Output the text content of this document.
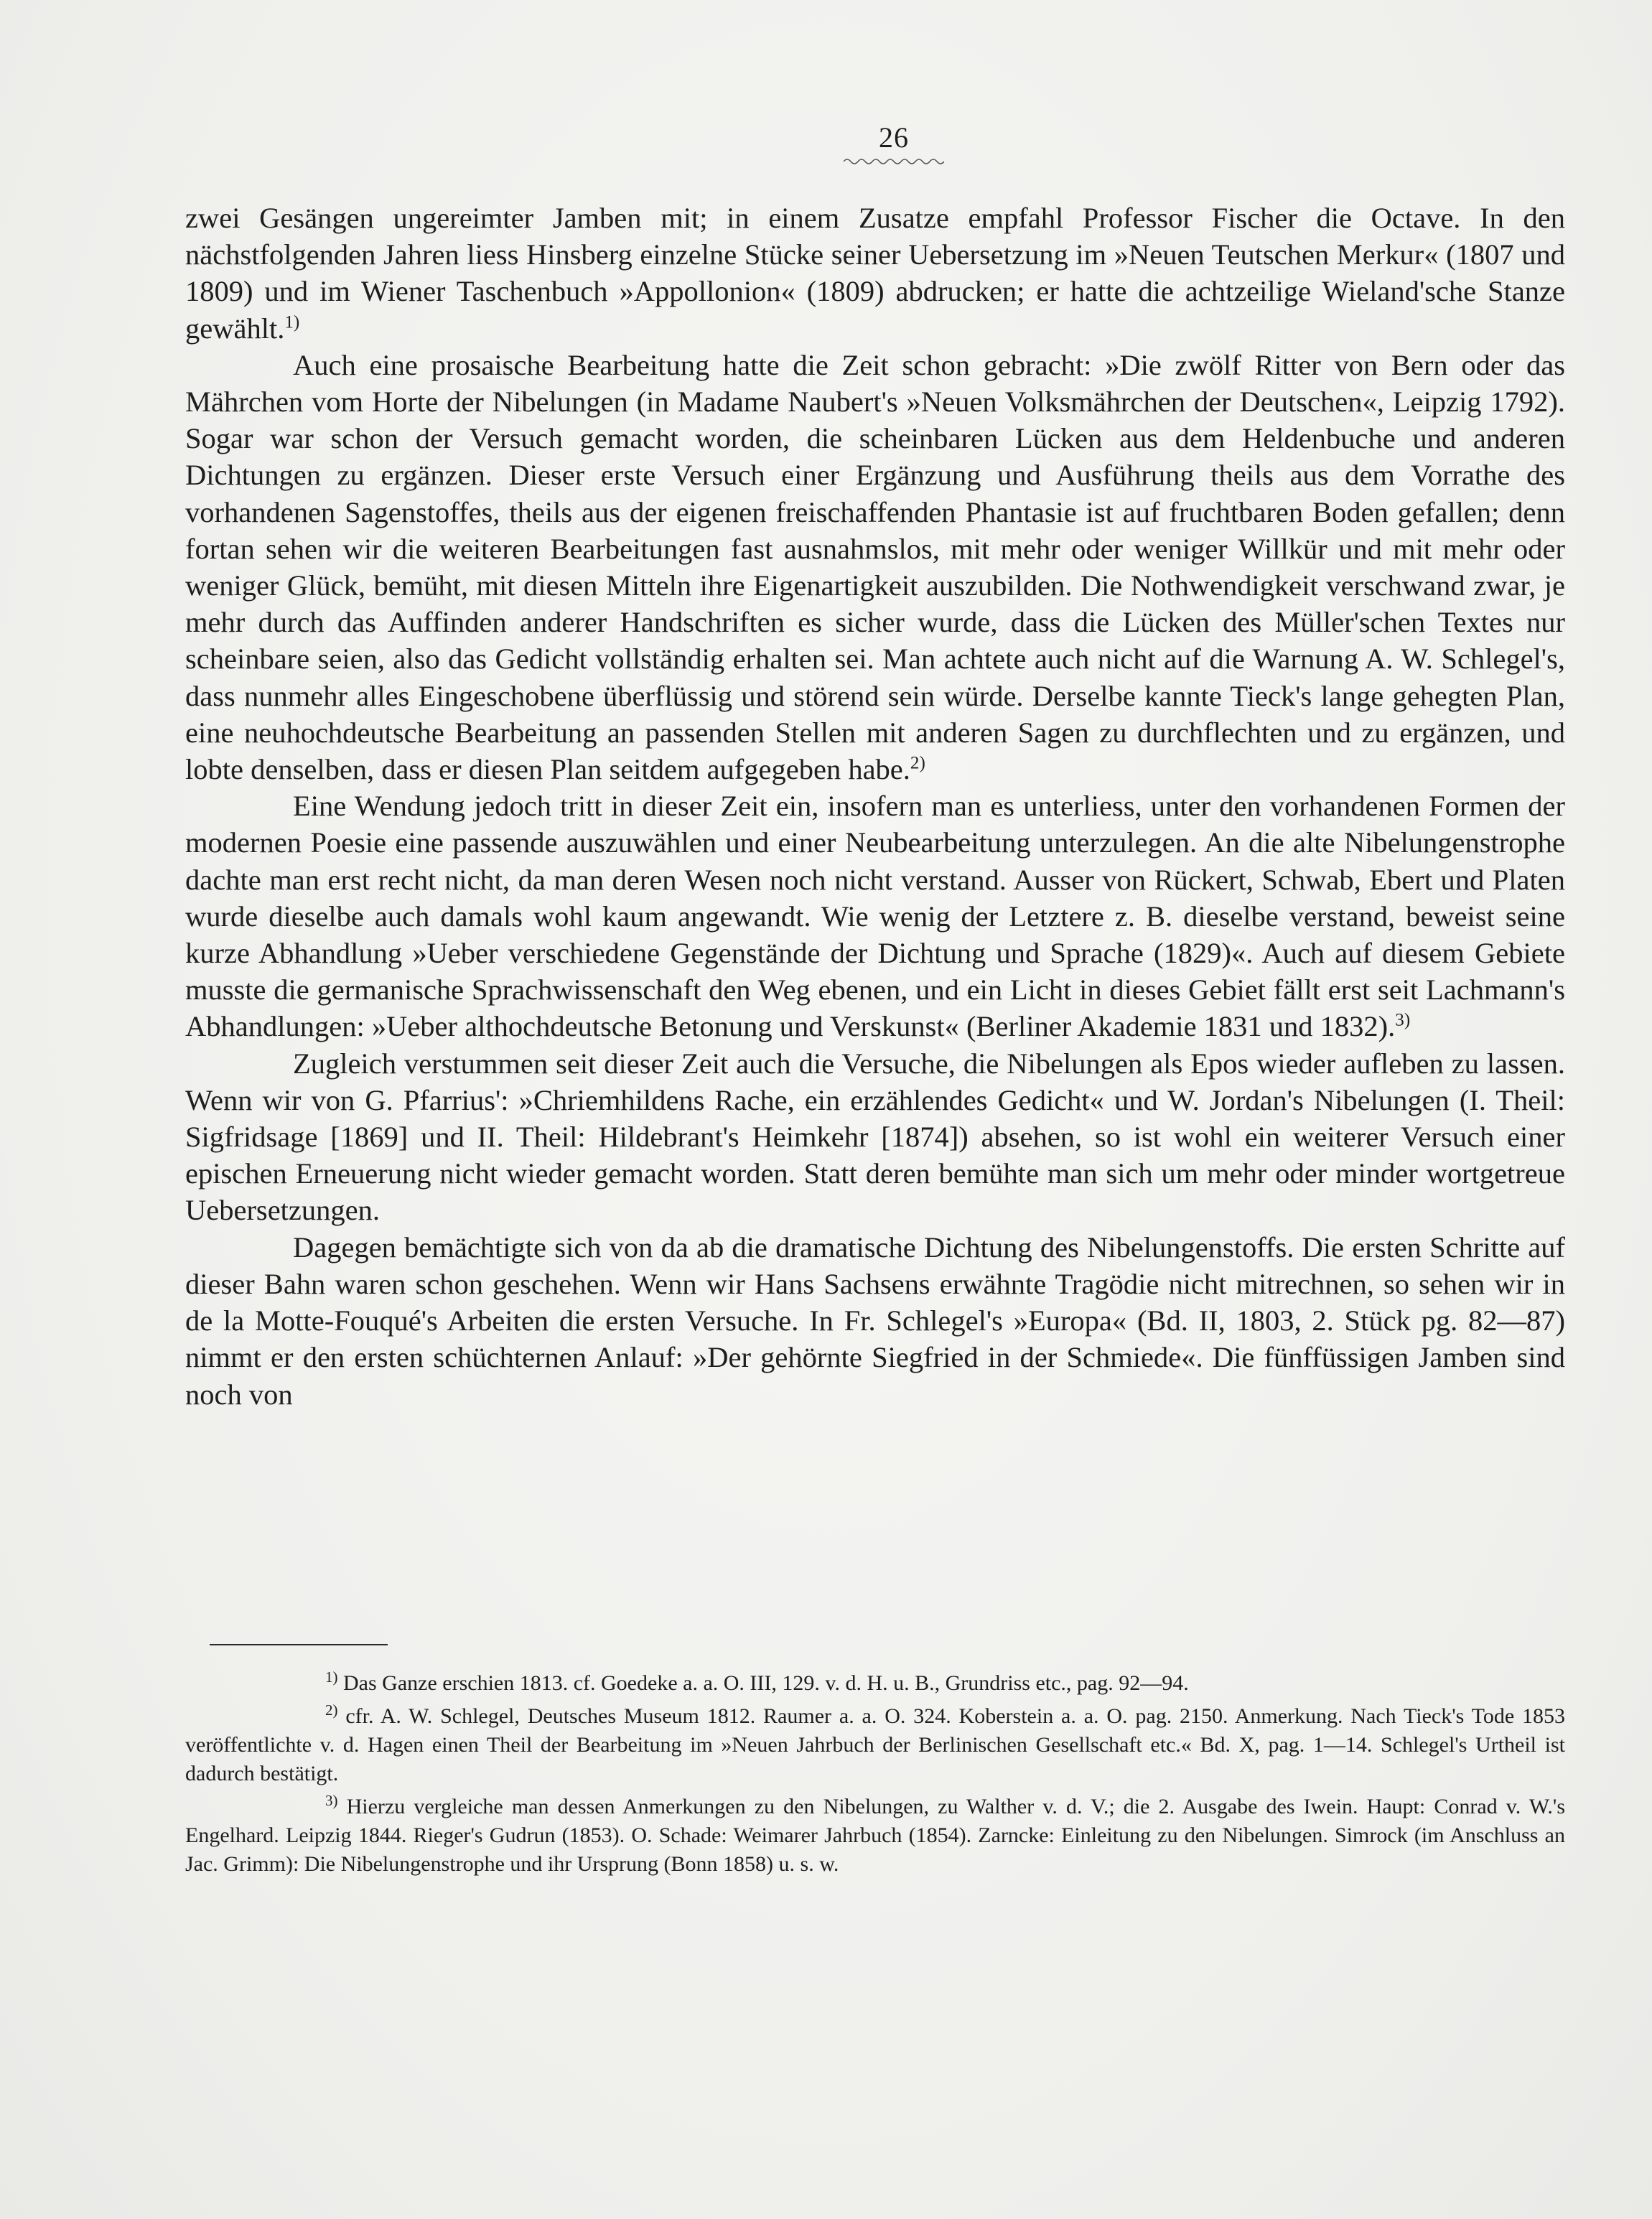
26

zwei Gesängen ungereimter Jamben mit; in einem Zusatze empfahl Professor Fischer die Octave. In den nächstfolgenden Jahren liess Hinsberg einzelne Stücke seiner Uebersetzung im »Neuen Teutschen Merkur« (1807 und 1809) und im Wiener Taschenbuch »Appollonion« (1809) abdrucken; er hatte die achtzeilige Wieland'sche Stanze gewählt.$^{1)}$

Auch eine prosaische Bearbeitung hatte die Zeit schon gebracht: »Die zwölf Ritter von Bern oder das Mährchen vom Horte der Nibelungen (in Madame Naubert's »Neuen Volksmährchen der Deutschen«, Leipzig 1792). Sogar war schon der Versuch gemacht worden, die scheinbaren Lücken aus dem Heldenbuche und anderen Dichtungen zu ergänzen. Dieser erste Versuch einer Ergänzung und Ausführung theils aus dem Vorrathe des vorhandenen Sagenstoffes, theils aus der eigenen freischaffenden Phantasie ist auf fruchtbaren Boden gefallen; denn fortan sehen wir die weiteren Bearbeitungen fast ausnahmslos, mit mehr oder weniger Willkür und mit mehr oder weniger Glück, bemüht, mit diesen Mitteln ihre Eigenartigkeit auszubilden. Die Nothwendigkeit verschwand zwar, je mehr durch das Auffinden anderer Handschriften es sicher wurde, dass die Lücken des Müller'schen Textes nur scheinbare seien, also das Gedicht vollständig erhalten sei. Man achtete auch nicht auf die Warnung A. W. Schlegel's, dass nunmehr alles Eingeschobene überflüssig und störend sein würde. Derselbe kannte Tieck's lange gehegten Plan, eine neuhochdeutsche Bearbeitung an passenden Stellen mit anderen Sagen zu durchflechten und zu ergänzen, und lobte denselben, dass er diesen Plan seitdem aufgegeben habe.$^{2)}$

Eine Wendung jedoch tritt in dieser Zeit ein, insofern man es unterliess, unter den vorhandenen Formen der modernen Poesie eine passende auszuwählen und einer Neubearbeitung unterzulegen. An die alte Nibelungenstrophe dachte man erst recht nicht, da man deren Wesen noch nicht verstand. Ausser von Rückert, Schwab, Ebert und Platen wurde dieselbe auch damals wohl kaum angewandt. Wie wenig der Letztere z. B. dieselbe verstand, beweist seine kurze Abhandlung »Ueber verschiedene Gegenstände der Dichtung und Sprache (1829)«. Auch auf diesem Gebiete musste die germanische Sprachwissenschaft den Weg ebenen, und ein Licht in dieses Gebiet fällt erst seit Lachmann's Abhandlungen: »Ueber althochdeutsche Betonung und Verskunst« (Berliner Akademie 1831 und 1832).$^{3)}$

Zugleich verstummen seit dieser Zeit auch die Versuche, die Nibelungen als Epos wieder aufleben zu lassen. Wenn wir von G. Pfarrius': »Chriemhildens Rache, ein erzählendes Gedicht« und W. Jordan's Nibelungen (I. Theil: Sigfridsage [1869] und II. Theil: Hildebrant's Heimkehr [1874]) absehen, so ist wohl ein weiterer Versuch einer epischen Erneuerung nicht wieder gemacht worden. Statt deren bemühte man sich um mehr oder minder wortgetreue Uebersetzungen.

Dagegen bemächtigte sich von da ab die dramatische Dichtung des Nibelungenstoffs. Die ersten Schritte auf dieser Bahn waren schon geschehen. Wenn wir Hans Sachsens erwähnte Tragödie nicht mitrechnen, so sehen wir in de la Motte-Fouqué's Arbeiten die ersten Versuche. In Fr. Schlegel's »Europa« (Bd. II, 1803, 2. Stück pg. 82—87) nimmt er den ersten schüchternen Anlauf: »Der gehörnte Siegfried in der Schmiede«. Die fünffüssigen Jamben sind noch von

$^{1)}$ Das Ganze erschien 1813. cf. Goedeke a. a. O. III, 129. v. d. H. u. B., Grundriss etc., pag. 92—94.

$^{2)}$ cfr. A. W. Schlegel, Deutsches Museum 1812. Raumer a. a. O. 324. Koberstein a. a. O. pag. 2150. Anmerkung. Nach Tieck's Tode 1853 veröffentlichte v. d. Hagen einen Theil der Bearbeitung im »Neuen Jahrbuch der Berlinischen Gesellschaft etc.« Bd. X, pag. 1—14. Schlegel's Urtheil ist dadurch bestätigt.

$^{3)}$ Hierzu vergleiche man dessen Anmerkungen zu den Nibelungen, zu Walther v. d. V.; die 2. Ausgabe des Iwein. Haupt: Conrad v. W.'s Engelhard. Leipzig 1844. Rieger's Gudrun (1853). O. Schade: Weimarer Jahrbuch (1854). Zarncke: Einleitung zu den Nibelungen. Simrock (im Anschluss an Jac. Grimm): Die Nibelungenstrophe und ihr Ursprung (Bonn 1858) u. s. w.
